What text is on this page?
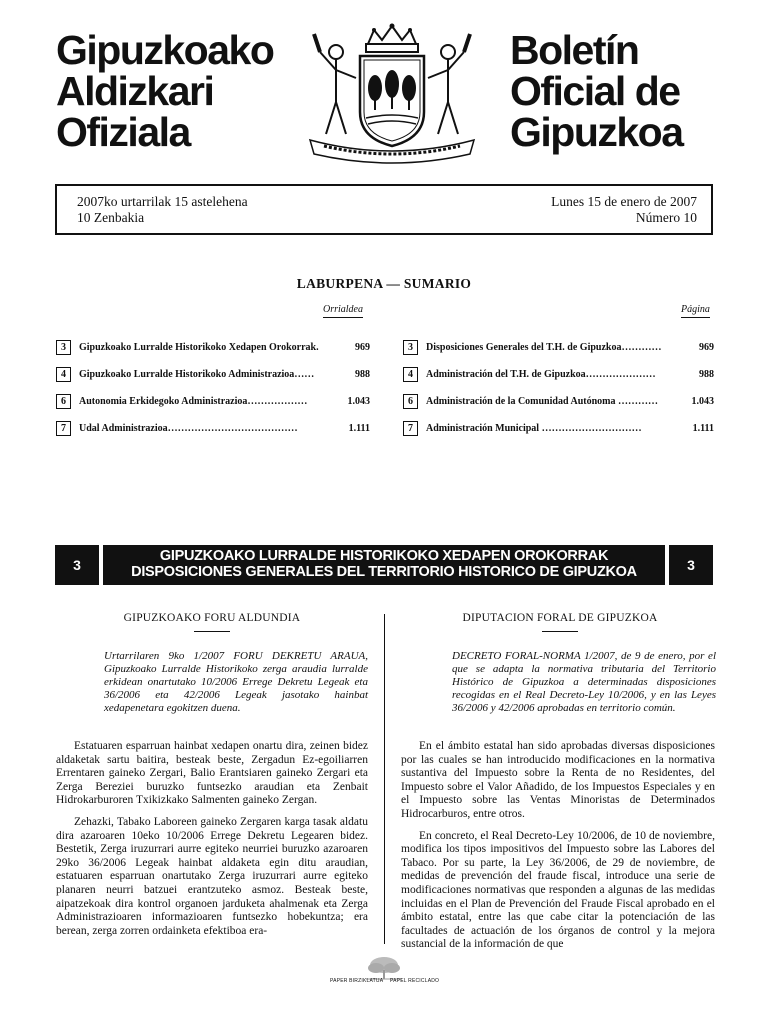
Gipuzkoako
Aldizkari
Ofiziala
Boletín
Oficial de
Gipuzkoa
2007ko urtarrilak 15 astelehena
10 Zenbakia
Lunes 15 de enero de 2007
Número 10
LABURPENA — SUMARIO
Orrialdea	Página
3	Gipuzkoako Lurralde Historikoko Xedapen Orokorrak.	969
4	Gipuzkoako Lurralde Historikoko Administrazioa……	988
6	Autonomia Erkidegoko Administrazioa………………	1.043
7	Udal Administrazioa…………………………………	1.111
3	Disposiciones Generales del T.H. de Gipuzkoa…………	969
4	Administración del T.H. de Gipuzkoa…………………	988
6	Administración de la Comunidad Autónoma …………	1.043
7	Administración Municipal …………………………	1.111
3
GIPUZKOAKO LURRALDE HISTORIKOKO XEDAPEN OROKORRAK
DISPOSICIONES GENERALES DEL TERRITORIO HISTORICO DE GIPUZKOA	3
GIPUZKOAKO FORU ALDUNDIA	DIPUTACION FORAL DE GIPUZKOA
Urtarrilaren 9ko 1/2007 FORU DEKRETU ARAUA, Gipuzkoako Lurralde Historikoko zerga araudia lurralde erkidean onartutako 10/2006 Errege Dekretu Legeak eta 36/2006 eta 42/2006 Legeak jasotako hainbat xedapenetara egokitzen duena.
DECRETO FORAL-NORMA 1/2007, de 9 de enero, por el que se adapta la normativa tributaria del Territorio Histórico de Gipuzkoa a determinadas disposiciones recogidas en el Real Decreto-Ley 10/2006, y en las Leyes 36/2006 y 42/2006 aprobadas en territorio común.

Estatuaren esparruan hainbat xedapen onartu dira, zeinen bidez aldaketak sartu baitira, besteak beste, Zergadun Ez-egoiliarren Errentaren gaineko Zergari, Balio Erantsiaren gaineko Zergari eta Zerga Bereziei buruzko funtsezko araudian eta Zenbait Hidrokarburoren Txikizkako Salmenten gaineko Zergan.

Zehazki, Tabako Laboreen gaineko Zergaren karga tasak aldatu dira azaroaren 10eko 10/2006 Errege Dekretu Legearen bidez. Bestetik, Zerga iruzurrari aurre egiteko neurriei buruzko azaroaren 29ko 36/2006 Legeak hainbat aldaketa egin ditu araudian, estatuaren esparruan onartutako Zerga iruzurrari aurre egiteko planaren neurri batzuei erantzuteko asmoz. Besteak beste, aipatzekoak dira kontrol organoen jarduketa ahalmenak eta Zerga Administrazioaren informazioaren funtsezko hobekuntza; era berean, zerga zorren ordainketa efektiboa era-

En el ámbito estatal han sido aprobadas diversas disposiciones por las cuales se han introducido modificaciones en la normativa sustantiva del Impuesto sobre la Renta de no Residentes, del Impuesto sobre el Valor Añadido, de los Impuestos Especiales y en el Impuesto sobre las Ventas Minoristas de Determinados Hidrocarburos, entre otros.

En concreto, el Real Decreto-Ley 10/2006, de 10 de noviembre, modifica los tipos impositivos del Impuesto sobre las Labores del Tabaco. Por su parte, la Ley 36/2006, de 29 de noviembre, de medidas de prevención del fraude fiscal, introduce una serie de modificaciones normativas que responden a algunas de las medidas incluidas en el Plan de Prevención del Fraude Fiscal aprobado en el ámbito estatal, entre las que cabe citar la potenciación de las facultades de actuación de los órganos de control y la mejora sustancial de la información de que

PAPER BIRZIKLATUA PAPEL RECICLADO
